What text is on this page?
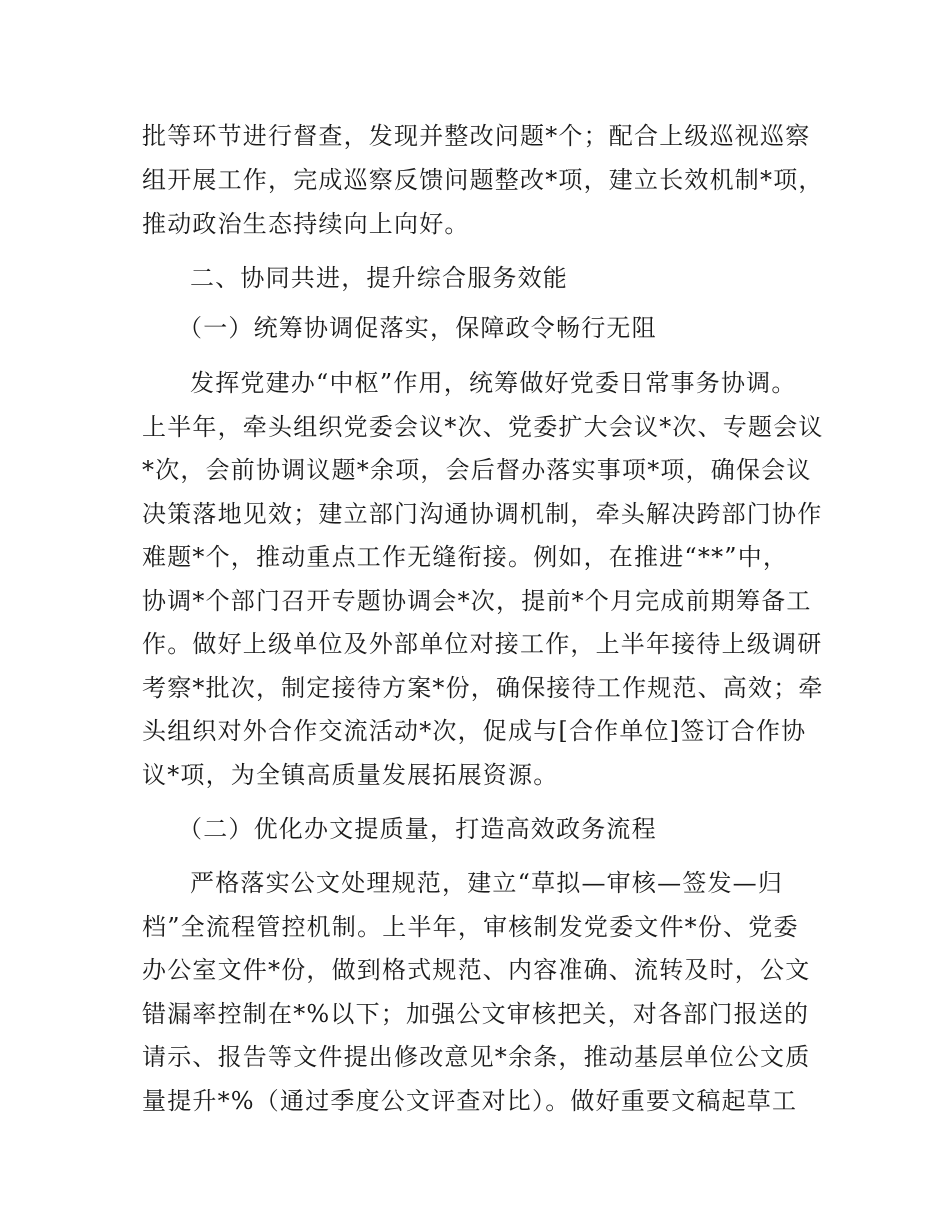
批等环节进行督查，发现并整改问题*个；配合上级巡视巡察
组开展工作，完成巡察反馈问题整改*项，建立长效机制*项，
推动政治生态持续向上向好。
二、协同共进，提升综合服务效能
（一）统筹协调促落实，保障政令畅行无阻
发挥党建办“中枢”作用，统筹做好党委日常事务协调。
上半年，牵头组织党委会议*次、党委扩大会议*次、专题会议
*次，会前协调议题*余项，会后督办落实事项*项，确保会议
决策落地见效；建立部门沟通协调机制，牵头解决跨部门协作
难题*个，推动重点工作无缝衔接。例如，在推进“**”中，
协调*个部门召开专题协调会*次，提前*个月完成前期筹备工
作。做好上级单位及外部单位对接工作，上半年接待上级调研
考察*批次，制定接待方案*份，确保接待工作规范、高效；牵
头组织对外合作交流活动*次，促成与[合作单位]签订合作协
议*项，为全镇高质量发展拓展资源。
（二）优化办文提质量，打造高效政务流程
严格落实公文处理规范，建立“草拟—审核—签发—归
档”全流程管控机制。上半年，审核制发党委文件*份、党委
办公室文件*份，做到格式规范、内容准确、流转及时，公文
错漏率控制在*%以下；加强公文审核把关，对各部门报送的
请示、报告等文件提出修改意见*余条，推动基层单位公文质
量提升*%（通过季度公文评查对比）。做好重要文稿起草工
